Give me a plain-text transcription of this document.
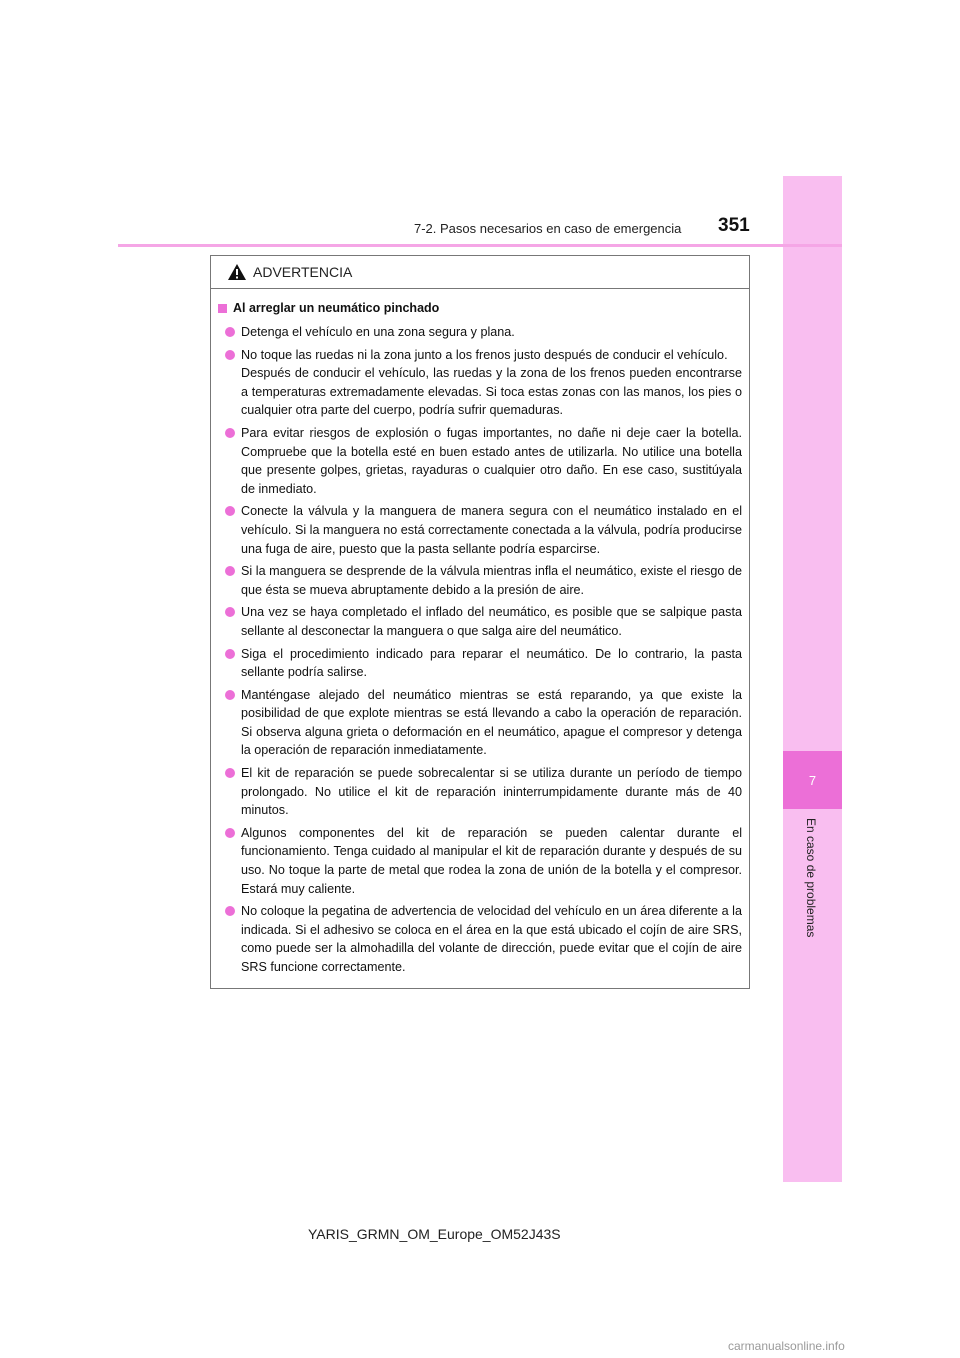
7
En caso de problemas
7-2. Pasos necesarios en caso de emergencia 351
ADVERTENCIA
Al arreglar un neumático pinchado
Detenga el vehículo en una zona segura y plana.
No toque las ruedas ni la zona junto a los frenos justo después de conducir el vehículo.
Después de conducir el vehículo, las ruedas y la zona de los frenos pueden encontrarse a temperaturas extremadamente elevadas. Si toca estas zonas con las manos, los pies o cualquier otra parte del cuerpo, podría sufrir quemaduras.
Para evitar riesgos de explosión o fugas importantes, no dañe ni deje caer la botella. Compruebe que la botella esté en buen estado antes de utilizarla. No utilice una botella que presente golpes, grietas, rayaduras o cualquier otro daño. En ese caso, sustitúyala de inmediato.
Conecte la válvula y la manguera de manera segura con el neumático instalado en el vehículo. Si la manguera no está correctamente conectada a la válvula, podría producirse una fuga de aire, puesto que la pasta sellante podría esparcirse.
Si la manguera se desprende de la válvula mientras infla el neumático, existe el riesgo de que ésta se mueva abruptamente debido a la presión de aire.
Una vez se haya completado el inflado del neumático, es posible que se salpique pasta sellante al desconectar la manguera o que salga aire del neumático.
Siga el procedimiento indicado para reparar el neumático. De lo contrario, la pasta sellante podría salirse.
Manténgase alejado del neumático mientras se está reparando, ya que existe la posibilidad de que explote mientras se está llevando a cabo la operación de reparación. Si observa alguna grieta o deformación en el neumático, apague el compresor y detenga la operación de reparación inmediatamente.
El kit de reparación se puede sobrecalentar si se utiliza durante un período de tiempo prolongado. No utilice el kit de reparación ininterrumpidamente durante más de 40 minutos.
Algunos componentes del kit de reparación se pueden calentar durante el funcionamiento. Tenga cuidado al manipular el kit de reparación durante y después de su uso. No toque la parte de metal que rodea la zona de unión de la botella y el compresor. Estará muy caliente.
No coloque la pegatina de advertencia de velocidad del vehículo en un área diferente a la indicada. Si el adhesivo se coloca en el área en la que está ubicado el cojín de aire SRS, como puede ser la almohadilla del volante de dirección, puede evitar que el cojín de aire SRS funcione correctamente.
YARIS_GRMN_OM_Europe_OM52J43S
carmanualsonline.info
